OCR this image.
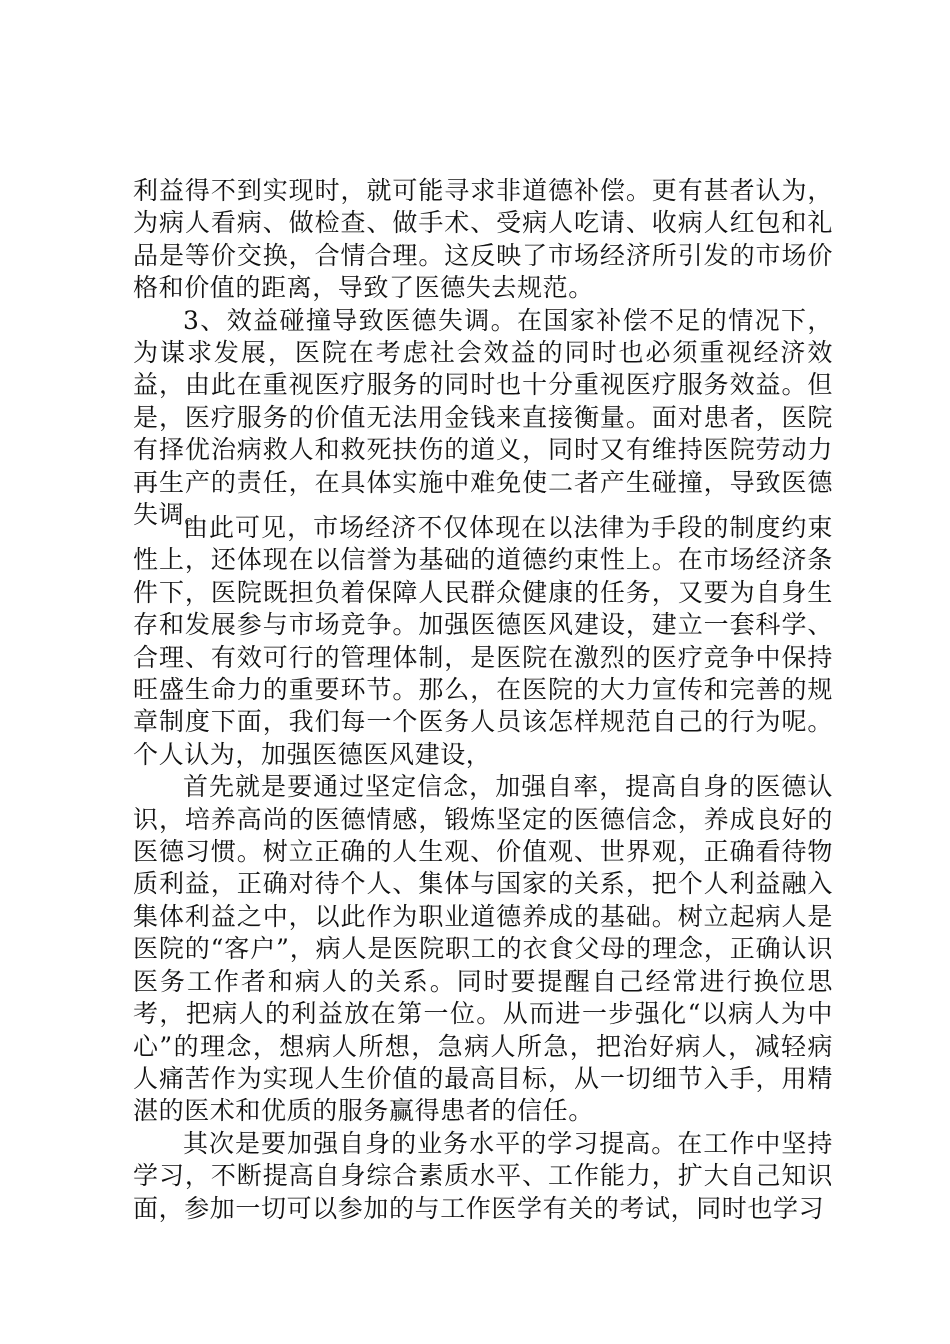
利益得不到实现时，就可能寻求非道德补偿。更有甚者认为，为病人看病、做检查、做手术、受病人吃请、收病人红包和礼品是等价交换，合情合理。这反映了市场经济所引发的市场价格和价值的距离，导致了医德失去规范。

3、效益碰撞导致医德失调。在国家补偿不足的情况下，为谋求发展，医院在考虑社会效益的同时也必须重视经济效益，由此在重视医疗服务的同时也十分重视医疗服务效益。但是，医疗服务的价值无法用金钱来直接衡量。面对患者，医院有择优治病救人和救死扶伤的道义，同时又有维持医院劳动力再生产的责任，在具体实施中难免使二者产生碰撞，导致医德失调。

由此可见，市场经济不仅体现在以法律为手段的制度约束性上，还体现在以信誉为基础的道德约束性上。在市场经济条件下，医院既担负着保障人民群众健康的任务，又要为自身生存和发展参与市场竞争。加强医德医风建设，建立一套科学、合理、有效可行的管理体制，是医院在激烈的医疗竞争中保持旺盛生命力的重要环节。那么，在医院的大力宣传和完善的规章制度下面，我们每一个医务人员该怎样规范自己的行为呢。个人认为，加强医德医风建设，

首先就是要通过坚定信念，加强自率，提高自身的医德认识，培养高尚的医德情感，锻炼坚定的医德信念，养成良好的医德习惯。树立正确的人生观、价值观、世界观，正确看待物质利益，正确对待个人、集体与国家的关系，把个人利益融入集体利益之中，以此作为职业道德养成的基础。树立起病人是医院的“客户”，病人是医院职工的衣食父母的理念，正确认识医务工作者和病人的关系。同时要提醒自己经常进行换位思考，把病人的利益放在第一位。从而进一步强化“以病人为中心”的理念，想病人所想，急病人所急，把治好病人，减轻病人痛苦作为实现人生价值的最高目标，从一切细节入手，用精湛的医术和优质的服务赢得患者的信任。

其次是要加强自身的业务水平的学习提高。在工作中坚持学习，不断提高自身综合素质水平、工作能力，扩大自己知识面，参加一切可以参加的与工作医学有关的考试，同时也学习
